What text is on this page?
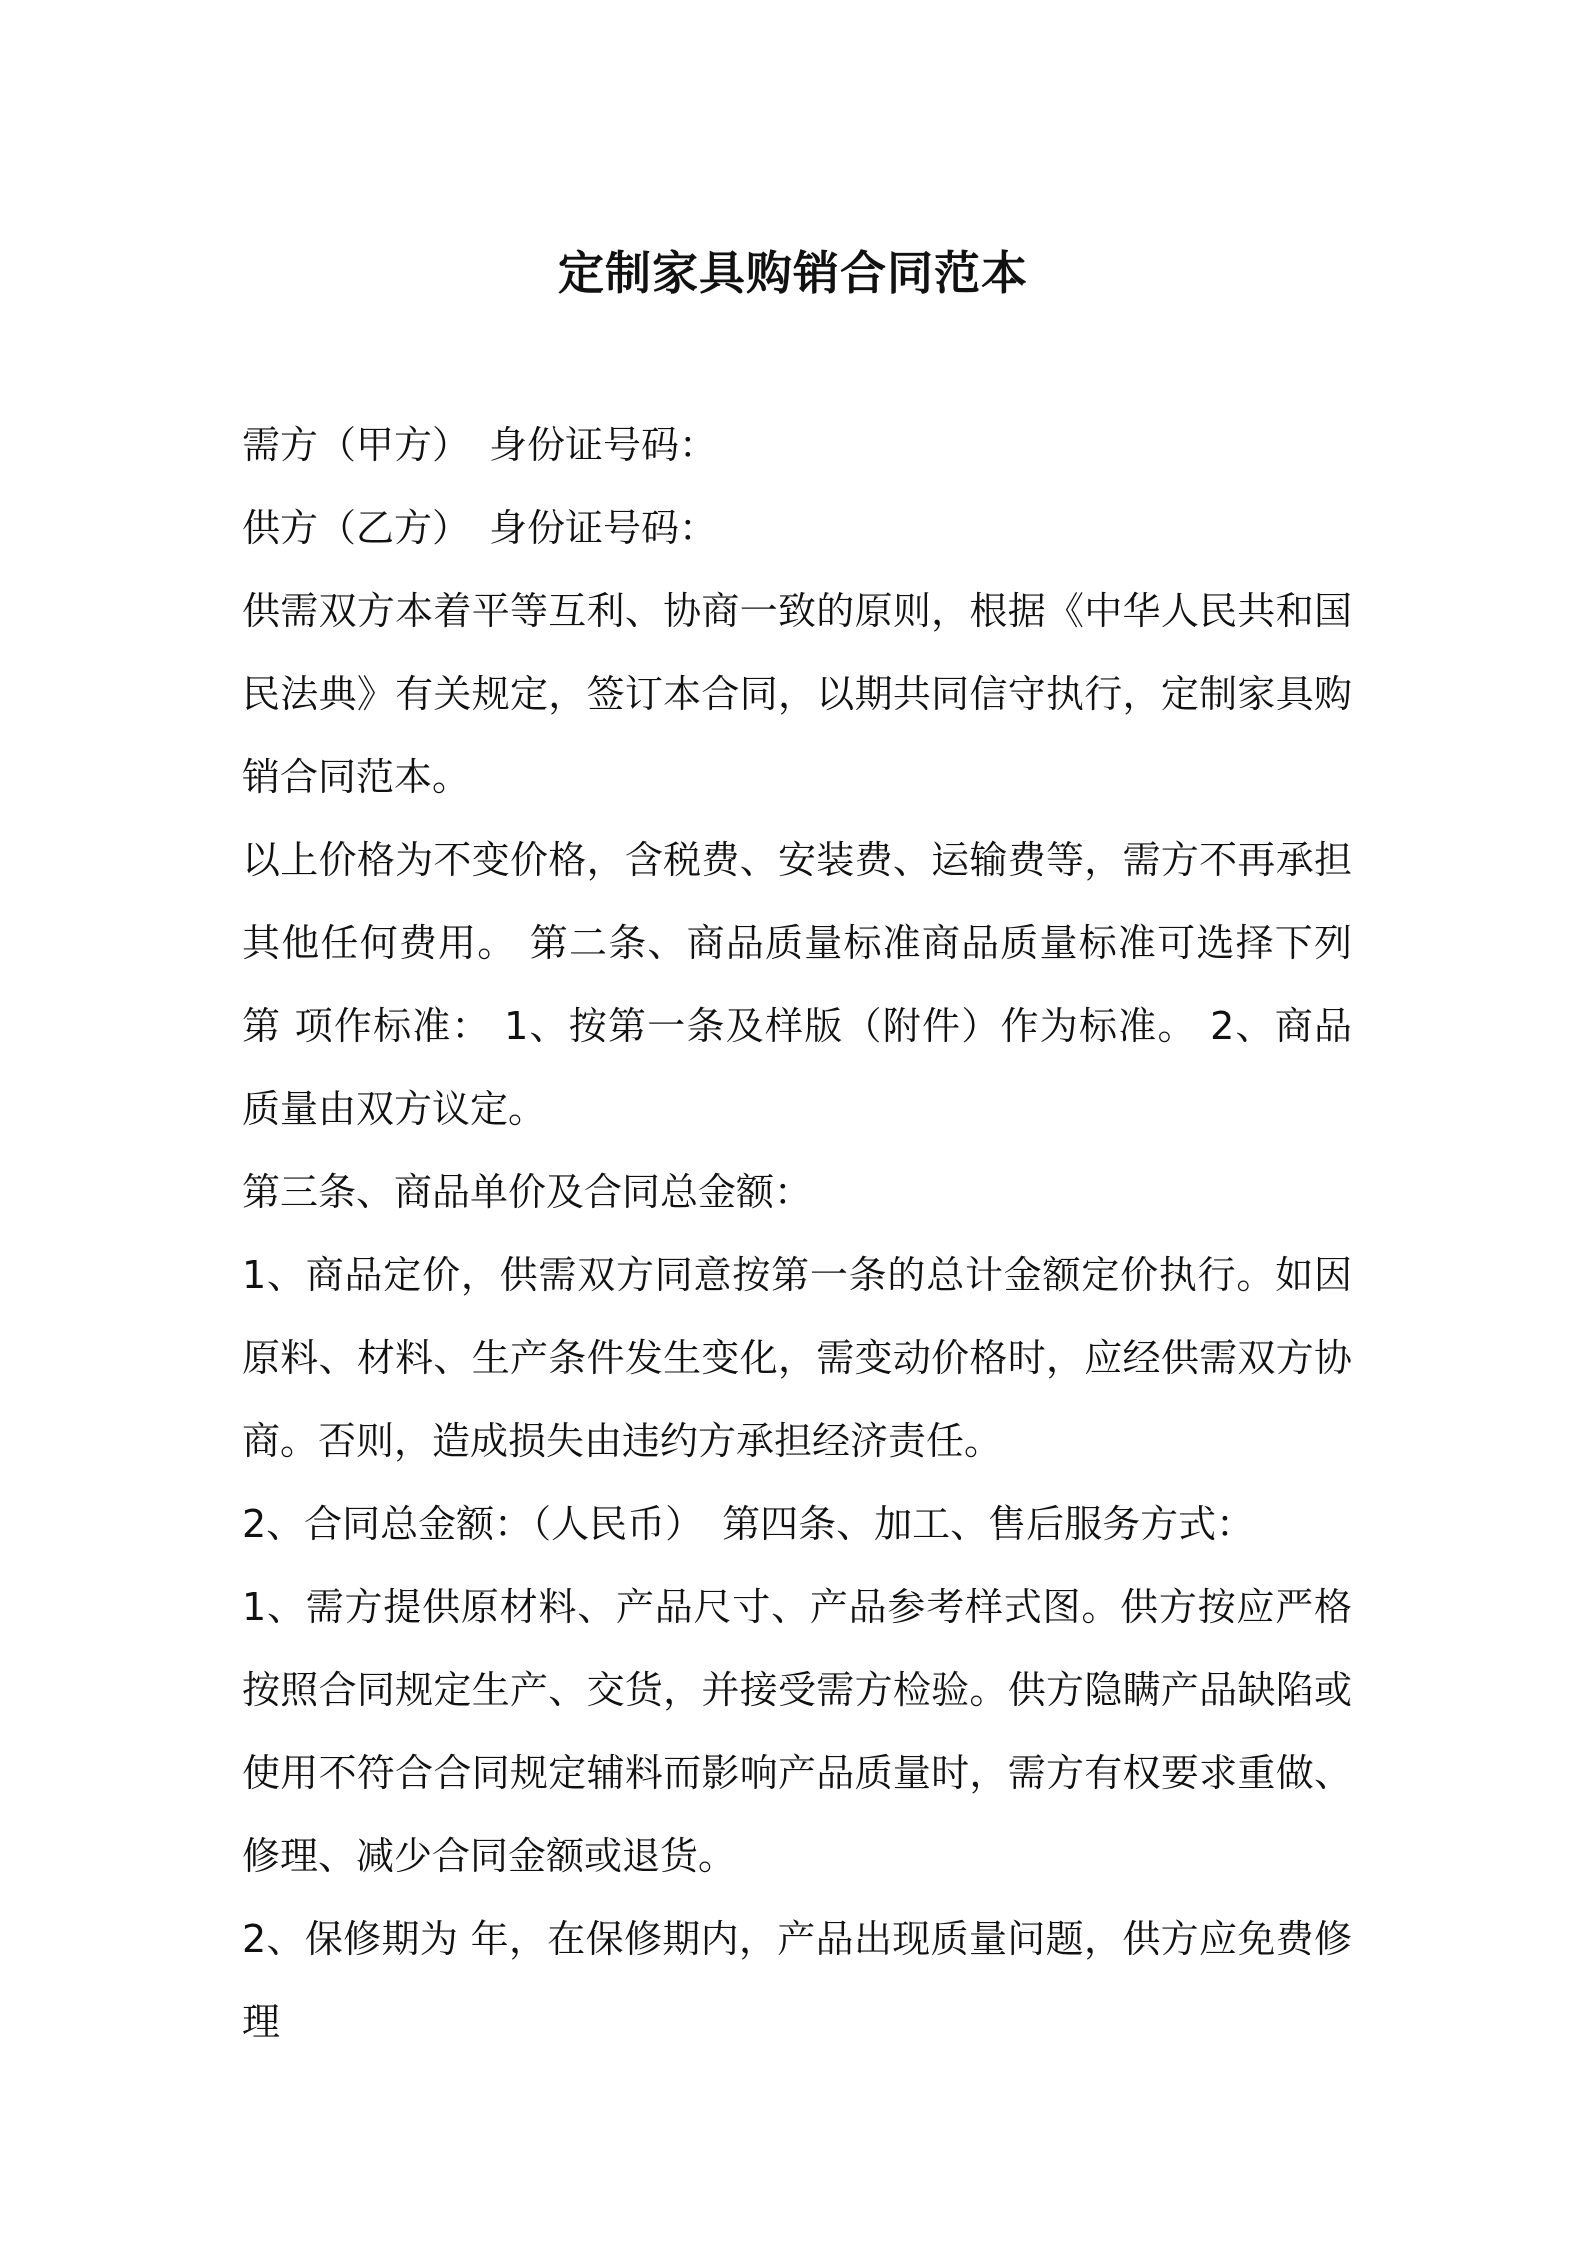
定制家具购销合同范本

需方（甲方）　身份证号码：

供方（乙方）　身份证号码：

供需双方本着平等互利、协商一致的原则，根据《中华人民共和国民法典》有关规定，签订本合同，以期共同信守执行，定制家具购销合同范本。

以上价格为不变价格，含税费、安装费、运输费等，需方不再承担其他任何费用。 第二条、商品质量标准商品质量标准可选择下列第 项作标准： 1、按第一条及样版（附件）作为标准。 2、商品质量由双方议定。

第三条、商品单价及合同总金额：

1、商品定价，供需双方同意按第一条的总计金额定价执行。如因原料、材料、生产条件发生变化，需变动价格时，应经供需双方协商。否则，造成损失由违约方承担经济责任。

2、合同总金额：（人民币）　第四条、加工、售后服务方式：

1、需方提供原材料、产品尺寸、产品参考样式图。供方按应严格按照合同规定生产、交货，并接受需方检验。供方隐瞒产品缺陷或使用不符合合同规定辅料而影响产品质量时，需方有权要求重做、修理、减少合同金额或退货。

2、保修期为 年，在保修期内，产品出现质量问题，供方应免费修理
